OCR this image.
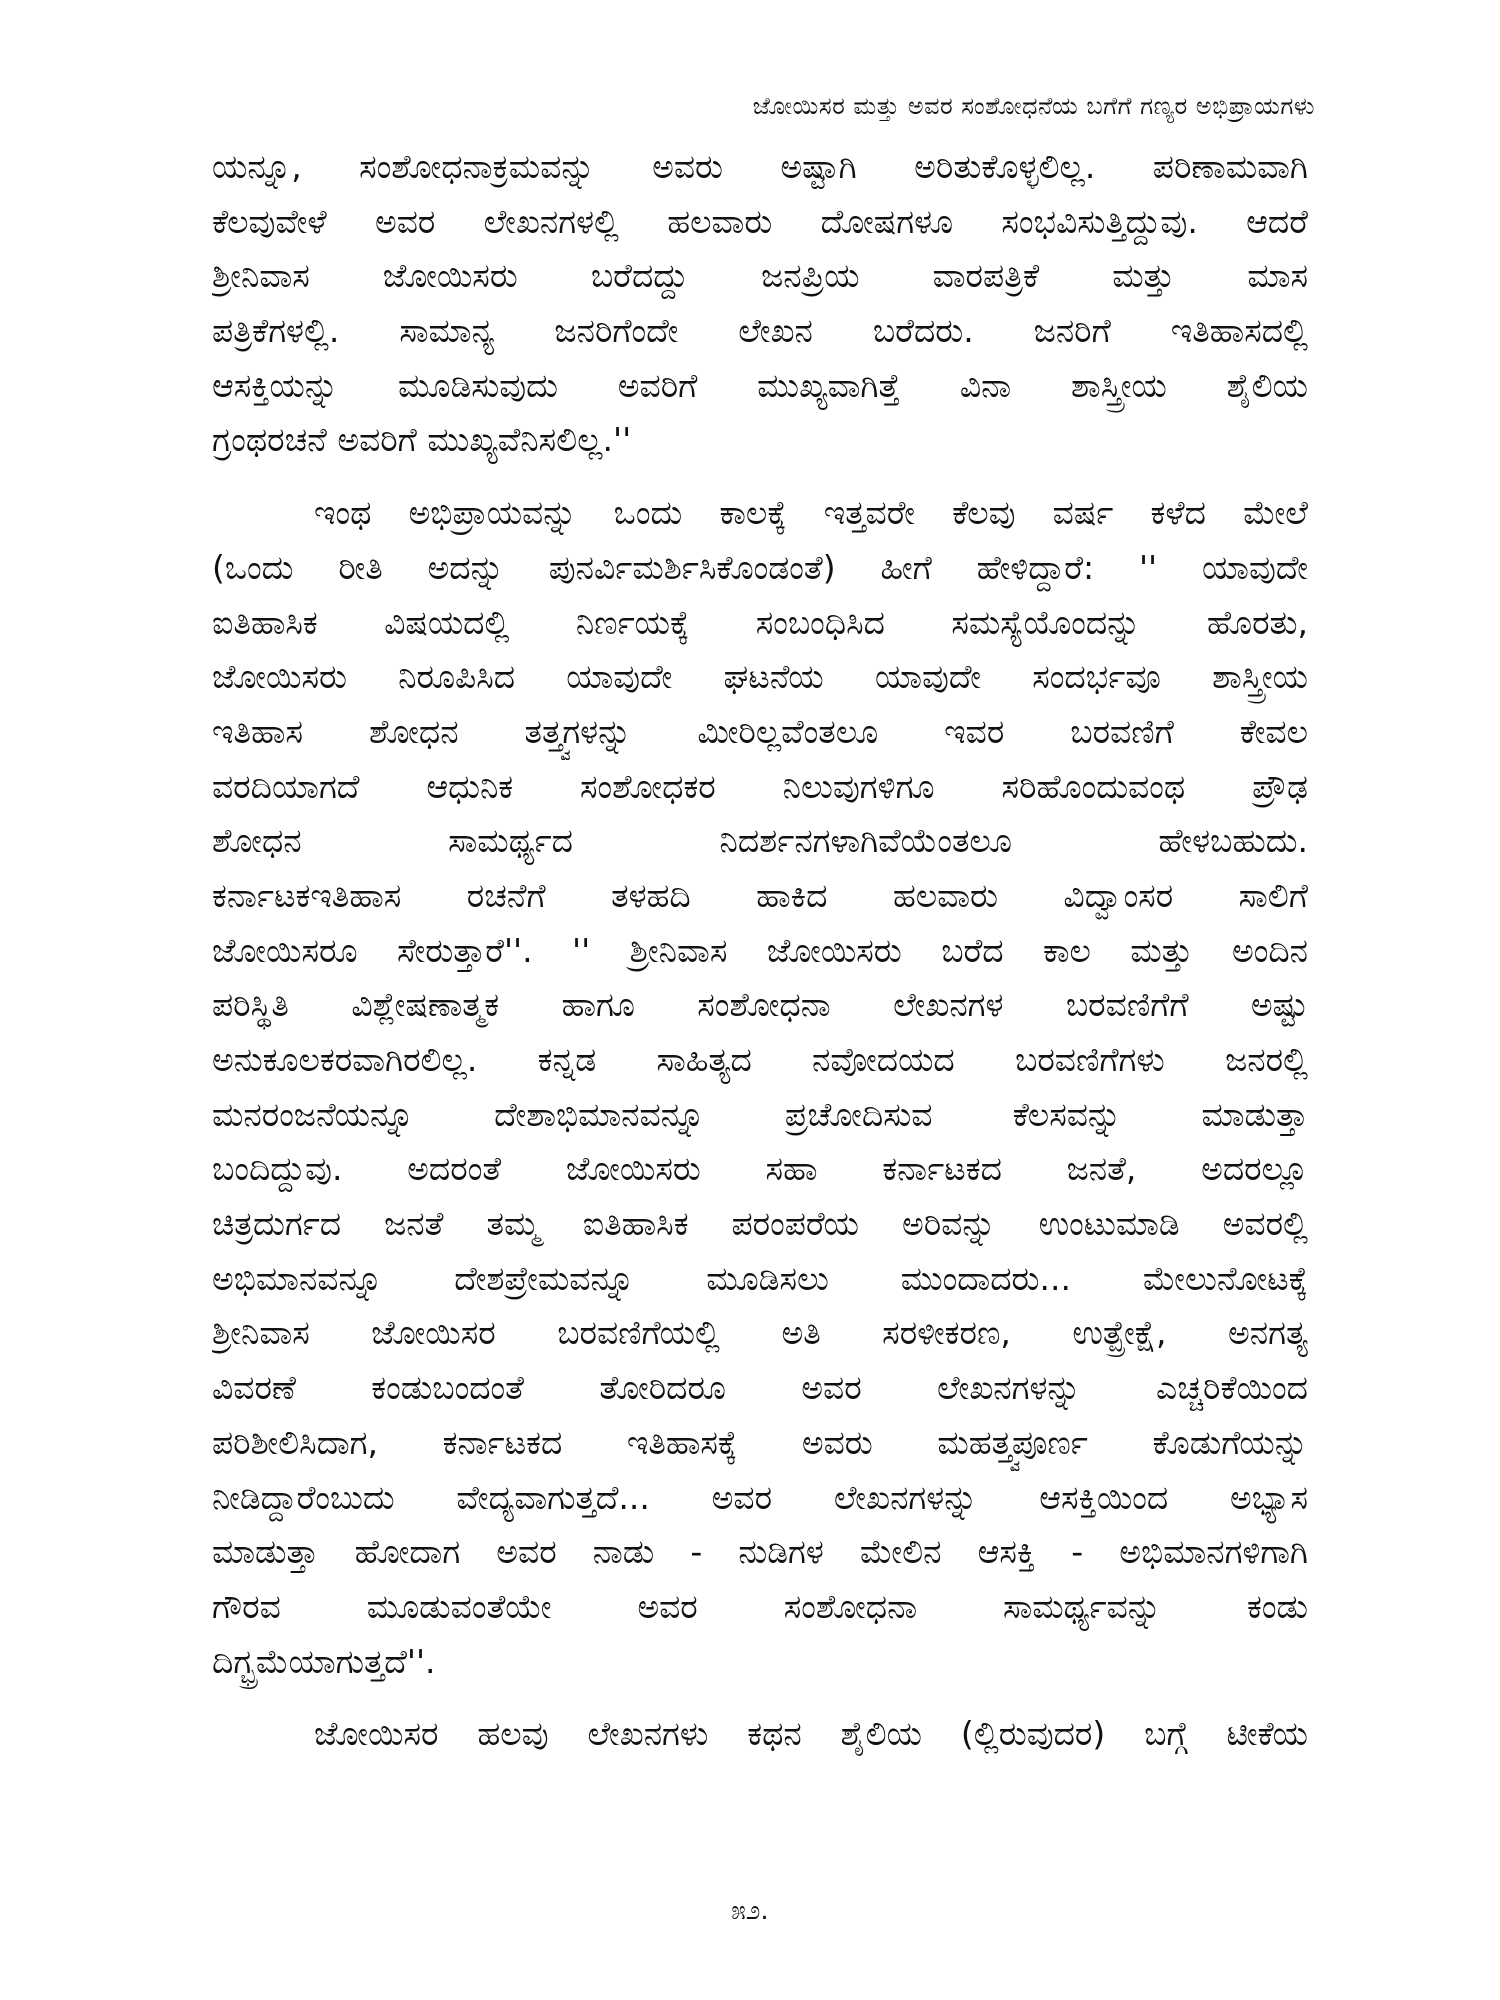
ಜೋಯಿಸರ ಮತ್ತು ಅವರ ಸಂಶೋಧನೆಯ ಬಗೆಗೆ ಗಣ್ಯರ ಅಭಿಪ್ರಾಯಗಳು
ಯನ್ನೂ, ಸಂಶೋಧನಾಕ್ರಮವನ್ನು ಅವರು ಅಷ್ಟಾಗಿ ಅರಿತುಕೊಳ್ಳಲಿಲ್ಲ. ಪರಿಣಾಮವಾಗಿ
ಕೆಲವುವೇಳೆ ಅವರ ಲೇಖನಗಳಲ್ಲಿ ಹಲವಾರು ದೋಷಗಳೂ ಸಂಭವಿಸುತ್ತಿದ್ದುವು. ಆದರೆ
ಶ್ರೀನಿವಾಸ ಜೋಯಿಸರು ಬರೆದದ್ದು ಜನಪ್ರಿಯ ವಾರಪತ್ರಿಕೆ ಮತ್ತು ಮಾಸ
ಪತ್ರಿಕೆಗಳಲ್ಲಿ. ಸಾಮಾನ್ಯ ಜನರಿಗೆಂದೇ ಲೇಖನ ಬರೆದರು. ಜನರಿಗೆ ಇತಿಹಾಸದಲ್ಲಿ
ಆಸಕ್ತಿಯನ್ನು ಮೂಡಿಸುವುದು ಅವರಿಗೆ ಮುಖ್ಯವಾಗಿತ್ತೆ ವಿನಾ ಶಾಸ್ತ್ರೀಯ ಶೈಲಿಯ
ಗ್ರಂಥರಚನೆ ಅವರಿಗೆ ಮುಖ್ಯವೆನಿಸಲಿಲ್ಲ.''
ಇಂಥ ಅಭಿಪ್ರಾಯವನ್ನು ಒಂದು ಕಾಲಕ್ಕೆ ಇತ್ತವರೇ ಕೆಲವು ವರ್ಷ ಕಳೆದ ಮೇಲೆ
(ಒಂದು ರೀತಿ ಅದನ್ನು ಪುನರ್ವಿಮರ್ಶಿಸಿಕೊಂಡಂತೆ) ಹೀಗೆ ಹೇಳಿದ್ದಾರೆ: '' ಯಾವುದೇ
ಐತಿಹಾಸಿಕ ವಿಷಯದಲ್ಲಿ ನಿರ್ಣಯಕ್ಕೆ ಸಂಬಂಧಿಸಿದ ಸಮಸ್ಯೆಯೊಂದನ್ನು ಹೊರತು,
ಜೋಯಿಸರು ನಿರೂಪಿಸಿದ ಯಾವುದೇ ಘಟನೆಯ ಯಾವುದೇ ಸಂದರ್ಭವೂ ಶಾಸ್ತ್ರೀಯ
ಇತಿಹಾಸ ಶೋಧನ ತತ್ತ್ವಗಳನ್ನು ಮೀರಿಲ್ಲವೆಂತಲೂ ಇವರ ಬರವಣಿಗೆ ಕೇವಲ
ವರದಿಯಾಗದೆ ಆಧುನಿಕ ಸಂಶೋಧಕರ ನಿಲುವುಗಳಿಗೂ ಸರಿಹೊಂದುವಂಥ ಪ್ರೌಢ
ಶೋಧನ ಸಾಮರ್ಥ್ಯದ ನಿದರ್ಶನಗಳಾಗಿವೆಯೆಂತಲೂ ಹೇಳಬಹುದು.
ಕರ್ನಾಟಕಇತಿಹಾಸ ರಚನೆಗೆ ತಳಹದಿ ಹಾಕಿದ ಹಲವಾರು ವಿದ್ವಾಂಸರ ಸಾಲಿಗೆ
ಜೋಯಿಸರೂ ಸೇರುತ್ತಾರೆ''. '' ಶ್ರೀನಿವಾಸ ಜೋಯಿಸರು ಬರೆದ ಕಾಲ ಮತ್ತು ಅಂದಿನ
ಪರಿಸ್ಥಿತಿ ವಿಶ್ಲೇಷಣಾತ್ಮಕ ಹಾಗೂ ಸಂಶೋಧನಾ ಲೇಖನಗಳ ಬರವಣಿಗೆಗೆ ಅಷ್ಟು
ಅನುಕೂಲಕರವಾಗಿರಲಿಲ್ಲ. ಕನ್ನಡ ಸಾಹಿತ್ಯದ ನವೋದಯದ ಬರವಣಿಗೆಗಳು ಜನರಲ್ಲಿ
ಮನರಂಜನೆಯನ್ನೂ ದೇಶಾಭಿಮಾನವನ್ನೂ ಪ್ರಚೋದಿಸುವ ಕೆಲಸವನ್ನು ಮಾಡುತ್ತಾ
ಬಂದಿದ್ದುವು. ಅದರಂತೆ ಜೋಯಿಸರು ಸಹಾ ಕರ್ನಾಟಕದ ಜನತೆ, ಅದರಲ್ಲೂ
ಚಿತ್ರದುರ್ಗದ ಜನತೆ ತಮ್ಮ ಐತಿಹಾಸಿಕ ಪರಂಪರೆಯ ಅರಿವನ್ನು ಉಂಟುಮಾಡಿ ಅವರಲ್ಲಿ
ಅಭಿಮಾನವನ್ನೂ ದೇಶಪ್ರೇಮವನ್ನೂ ಮೂಡಿಸಲು ಮುಂದಾದರು... ಮೇಲುನೋಟಕ್ಕೆ
ಶ್ರೀನಿವಾಸ ಜೋಯಿಸರ ಬರವಣಿಗೆಯಲ್ಲಿ ಅತಿ ಸರಳೀಕರಣ, ಉತ್ಪ್ರೇಕ್ಷೆ, ಅನಗತ್ಯ
ವಿವರಣೆ ಕಂಡುಬಂದಂತೆ ತೋರಿದರೂ ಅವರ ಲೇಖನಗಳನ್ನು ಎಚ್ಚರಿಕೆಯಿಂದ
ಪರಿಶೀಲಿಸಿದಾಗ, ಕರ್ನಾಟಕದ ಇತಿಹಾಸಕ್ಕೆ ಅವರು ಮಹತ್ತ್ವಪೂರ್ಣ ಕೊಡುಗೆಯನ್ನು
ನೀಡಿದ್ದಾರೆಂಬುದು ವೇದ್ಯವಾಗುತ್ತದೆ... ಅವರ ಲೇಖನಗಳನ್ನು ಆಸಕ್ತಿಯಿಂದ ಅಭ್ಯಾಸ
ಮಾಡುತ್ತಾ ಹೋದಾಗ ಅವರ ನಾಡು - ನುಡಿಗಳ ಮೇಲಿನ ಆಸಕ್ತಿ - ಅಭಿಮಾನಗಳಿಗಾಗಿ
ಗೌರವ ಮೂಡುವಂತೆಯೇ ಅವರ ಸಂಶೋಧನಾ ಸಾಮರ್ಥ್ಯವನ್ನು ಕಂಡು
ದಿಗ್ಭ್ರಮೆಯಾಗುತ್ತದೆ''.
ಜೋಯಿಸರ ಹಲವು ಲೇಖನಗಳು ಕಥನ ಶೈಲಿಯ (ಲ್ಲಿರುವುದರ) ಬಗ್ಗೆ ಟೀಕೆಯ
೫೨.
